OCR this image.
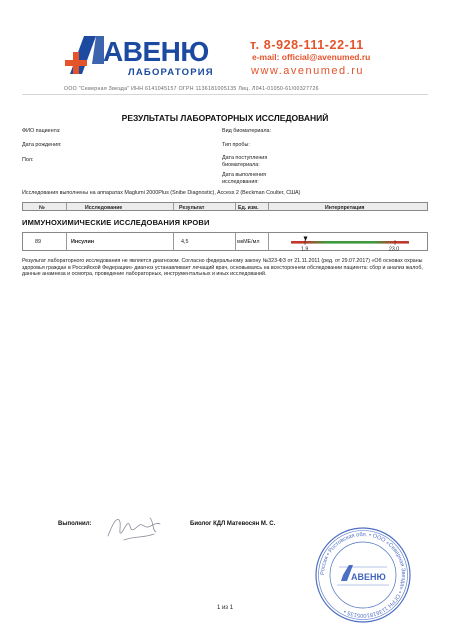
АВЕНЮ
ЛАБОРАТОРИЯ
т. 8-928-111-22-11
e-mail: official@avenumed.ru
www.avenumed.ru
ООО "Северная Звезда" ИНН 6141045157 ОГРН 1136181005135 Лиц. Л041-01050-61/00327726
РЕЗУЛЬТАТЫ ЛАБОРАТОРНЫХ ИССЛЕДОВАНИЙ
ФИО пациента:
Дата рождения:
Пол:
Вид биоматериала:
Тип пробы:
Дата поступления
биоматериала:
Дата выполнения
исследования:
Исследования выполнены на аппаратах Maglumi 2000Plus (Snibe Diagnostic), Access 2 (Beckman Coulter, США)
№	Исследование	Результат	Ед. изм.	Интерпретация
ИММУНОХИМИЧЕСКИЕ ИССЛЕДОВАНИЯ КРОВИ
89	Инсулин	4,5	мкМЕ/мл
1,9	23,0
Результат лабораторного исследования не является диагнозом. Согласно федеральному закону №323-ФЗ от 21.11.2011 (ред. от 29.07.2017) «Об основах охраны здоровья граждан в Российской Федерации» диагноз устанавливает лечащий врач, основываясь на всестороннем обследовании пациента: сбор и анализ жалоб, данные анамнеза и осмотра, проведение лабораторных, инструментальных и иных исследований.
Выполнил:	Биолог КДЛ Матевосян М. С.
Россия • Ростовская обл. • ООО «Северная Звезда» • ОГРН 1136181005135 •
АВЕНЮ
1 из 1
